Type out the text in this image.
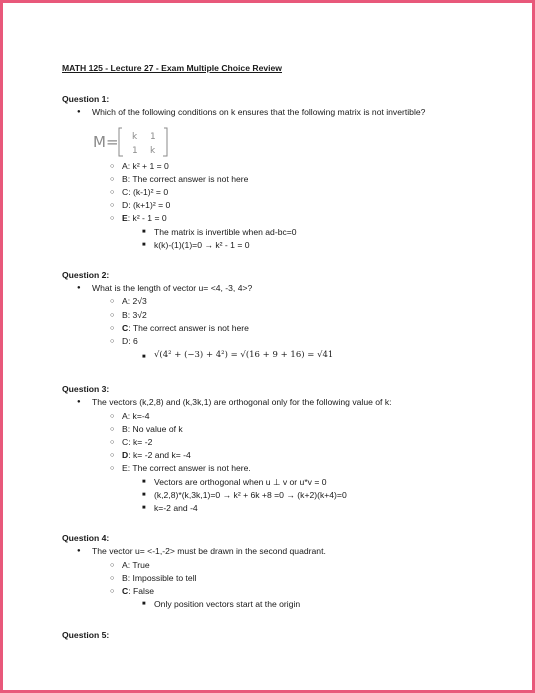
MATH 125 - Lecture 27 - Exam Multiple Choice Review
Question 1:
● Which of the following conditions on k ensures that the following matrix is not invertible?
M= k 1
1 k
○ A: k² + 1 = 0
○ B: The correct answer is not here
○ C: (k-1)² = 0
○ D: (k+1)² = 0
○ E: k² - 1 = 0
■ The matrix is invertible when ad-bc=0
■ k(k)-(1)(1)=0 → k² - 1 = 0
Question 2:
● What is the length of vector u= <4, -3, 4>?
○ A: 2√3
○ B: 3√2
○ C: The correct answer is not here
○ D: 6
■ √(4² + (−3) + 4²) = √(16 + 9 + 16) = √41
Question 3:
● The vectors (k,2,8) and (k,3k,1) are orthogonal only for the following value of k:
○ A: k=-4
○ B: No value of k
○ C: k= -2
○ D: k= -2 and k= -4
○ E: The correct answer is not here.
■ Vectors are orthogonal when u ⊥ v or u*v = 0
■ (k,2,8)*(k,3k,1)=0 → k² + 6k +8 =0 → (k+2)(k+4)=0
■ k=-2 and -4
Question 4:
● The vector u= <-1,-2> must be drawn in the second quadrant.
○ A: True
○ B: Impossible to tell
○ C: False
■ Only position vectors start at the origin
Question 5:
